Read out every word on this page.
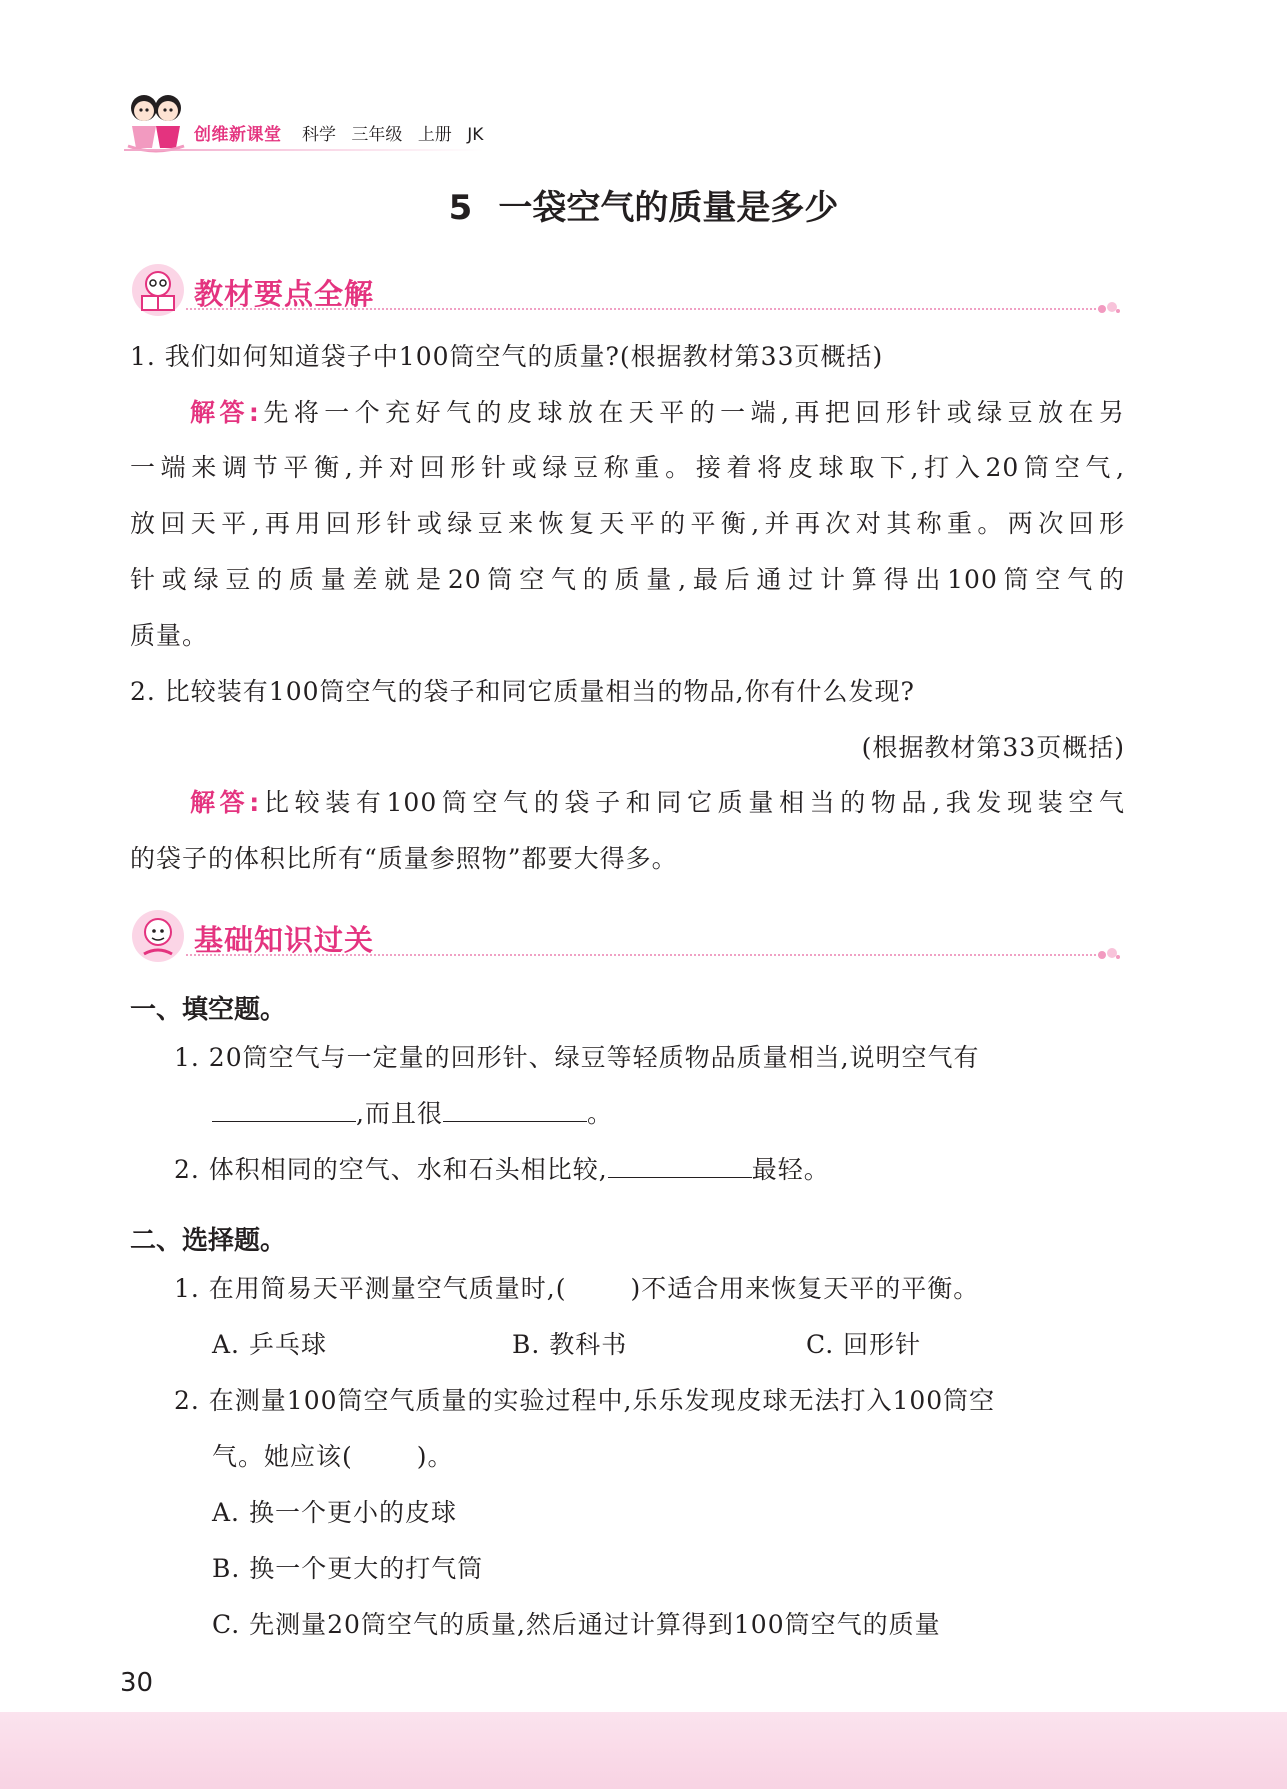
创维新课堂 科学 三年级 上册 JK
5 一袋空气的质量是多少
教材要点全解
1. 我们如何知道袋子中100筒空气的质量?(根据教材第33页概括)
解答:先将一个充好气的皮球放在天平的一端,再把回形针或绿豆放在另
一端来调节平衡,并对回形针或绿豆称重。接着将皮球取下,打入20筒空气,
放回天平,再用回形针或绿豆来恢复天平的平衡,并再次对其称重。两次回形
针或绿豆的质量差就是20筒空气的质量,最后通过计算得出100筒空气的
质量。
2. 比较装有100筒空气的袋子和同它质量相当的物品,你有什么发现?
(根据教材第33页概括)
解答:比较装有100筒空气的袋子和同它质量相当的物品,我发现装空气
的袋子的体积比所有“质量参照物”都要大得多。
基础知识过关
一、填空题。
1. 20筒空气与一定量的回形针、绿豆等轻质物品质量相当,说明空气有
,而且很	。
2. 体积相同的空气、水和石头相比较,	最轻。
二、选择题。
1. 在用简易天平测量空气质量时,(	)不适合用来恢复天平的平衡。
A. 乒乓球	B. 教科书	C. 回形针
2. 在测量100筒空气质量的实验过程中,乐乐发现皮球无法打入100筒空
气。她应该(	)。
A. 换一个更小的皮球
B. 换一个更大的打气筒
C. 先测量20筒空气的质量,然后通过计算得到100筒空气的质量
30
